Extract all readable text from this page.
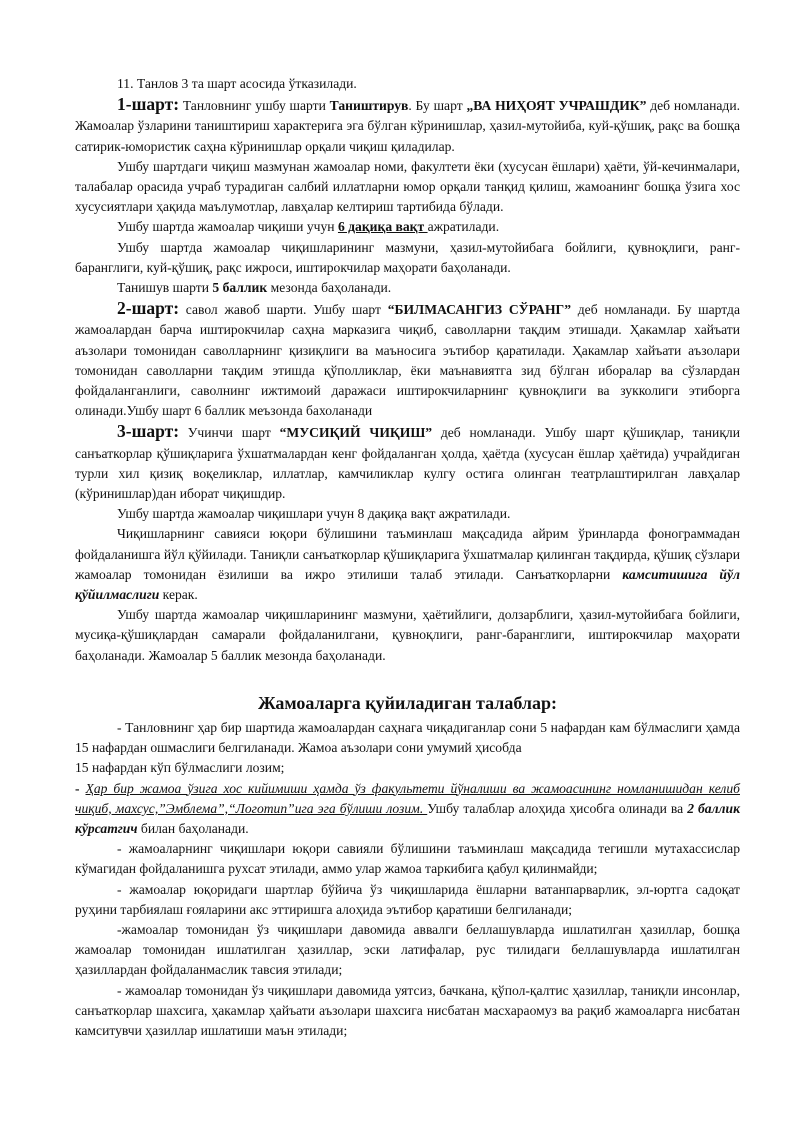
11. Танлов 3 та шарт асосида ўтказилади.

1-шарт: Танловнинг ушбу шарти Таништирув. Бу шарт „ВА НИҲОЯТ УЧРАШДИК” деб номланади. Жамоалар ўзларини таништириш характерига эга бўлган кўринишлар, ҳазил-мутойиба, куй-қўшиқ, рақс ва бошқа сатирик-юмористик саҳна кўринишлар орқали чиқиш қиладилар.

Ушбу шартдаги чиқиш мазмунан жамоалар номи, факултети ёки (хусусан ёшлари) ҳаёти, ўй-кечинмалари, талабалар орасида учраб турадиган салбий иллатларни юмор орқали танқид қилиш, жамоанинг бошқа ўзига хос хусусиятлари ҳақида маълумотлар, лавҳалар келтириш тартибида бўлади.

Ушбу шартда жамоалар чиқиши учун 6 дақиқа вақт ажратилади.

Ушбу шартда жамоалар чиқишларининг мазмуни, ҳазил-мутойибага бойлиги, қувноқлиги, ранг-баранглиги, куй-қўшиқ, рақс ижроси, иштирокчилар маҳорати баҳоланади.

Танишув шарти 5 баллик мезонда баҳоланади.

2-шарт: савол жавоб шарти. Ушбу шарт “БИЛМАСАНГИЗ СЎРАНГ” деб номланади. Бу шартда жамоалардан барча иштирокчилар саҳна марказига чиқиб, саволларни тақдим этишади. Ҳакамлар хайъати аъзолари томонидан саволларнинг қизиқлиги ва маъносига эътибор қаратилади. Ҳакамлар хайъати аъзолари томонидан саволларни тақдим этишда қўполликлар, ёки маънавиятга зид бўлган иборалар ва сўзлардан фойдаланганлиги, саволнинг ижтимоий даражаси иштирокчиларнинг қувноқлиги ва зукколиги этиборга олинади.Ушбу шарт 6 баллик меъзонда бахоланади

3-шарт: Учинчи шарт “МУСИҚИЙ ЧИҚИШ” деб номланади. Ушбу шарт қўшиқлар, таниқли санъаткорлар қўшиқларига ўхшатмалардан кенг фойдаланган ҳолда, ҳаётда (хусусан ёшлар ҳаётида) учрайдиган турли хил қизиқ воқеликлар, иллатлар, камчиликлар кулгу остига олинган театрлаштирилган лавҳалар (кўринишлар)дан иборат чиқишдир.

Ушбу шартда жамоалар чиқишлари учун 8 дақиқа вақт ажратилади.

Чиқишларнинг савияси юқори бўлишини таъминлаш мақсадида айрим ўринларда фонограммадан фойдаланишга йўл қўйилади. Таниқли санъаткорлар қўшиқларига ўхшатмалар қилинган тақдирда, қўшиқ сўзлари жамоалар томонидан ёзилиши ва ижро этилиши талаб этилади. Санъаткорларни камситишига йўл қўйилмаслиги керак.

Ушбу шартда жамоалар чиқишларининг мазмуни, ҳаётийлиги, долзарблиги, ҳазил-мутойибага бойлиги, мусиқа-қўшиқлардан самарали фойдаланилгани, қувноқлиги, ранг-баранглиги, иштирокчилар маҳорати баҳоланади. Жамоалар 5 баллик мезонда баҳоланади.

Жамоаларга қуйиладиган талаблар:

- Танловнинг ҳар бир шартида жамоалардан саҳнага чиқадиганлар сони 5 нафардан кам бўлмаслиги ҳамда 15 нафардан ошмаслиги белгиланади. Жамоа аъзолари сони умумий ҳисобда

15 нафардан кўп бўлмаслиги лозим;

- Ҳар бир жамоа ўзига хос кийимиши ҳамда ўз факультети йўналиши ва жамоасининг номланишидан келиб чиқиб, махсус,”Эмблема”,“Логотип”ига эга бўлиши лозим. Ушбу талаблар алоҳида ҳисобга олинади ва 2 баллик кўрсатгич билан баҳоланади.

- жамоаларнинг чиқишлари юқори савияли бўлишини таъминлаш мақсадида тегишли мутахассислар кўмагидан фойдаланишга рухсат этилади, аммо улар жамоа таркибига қабул қилинмайди;

- жамоалар юқоридаги шартлар бўйича ўз чиқишларида ёшларни ватанпарварлик, эл-юртга садоқат руҳини тарбиялаш ғояларини акс эттиришга алоҳида эътибор қаратиши белгиланади;

-жамоалар томонидан ўз чиқишлари давомида аввалги беллашувларда ишлатилган ҳазиллар, бошқа жамоалар томонидан ишлатилган ҳазиллар, эски латифалар, рус тилидаги беллашувларда ишлатилган ҳазиллардан фойдаланмаслик тавсия этилади;

- жамоалар томонидан ўз чиқишлари давомида уятсиз, бачкана, қўпол-қалтис ҳазиллар, таниқли инсонлар, санъаткорлар шахсига, ҳакамлар ҳайъати аъзолари шахсига нисбатан масхараомуз ва рақиб жамоаларга нисбатан камситувчи ҳазиллар ишлатиши маън этилади;
